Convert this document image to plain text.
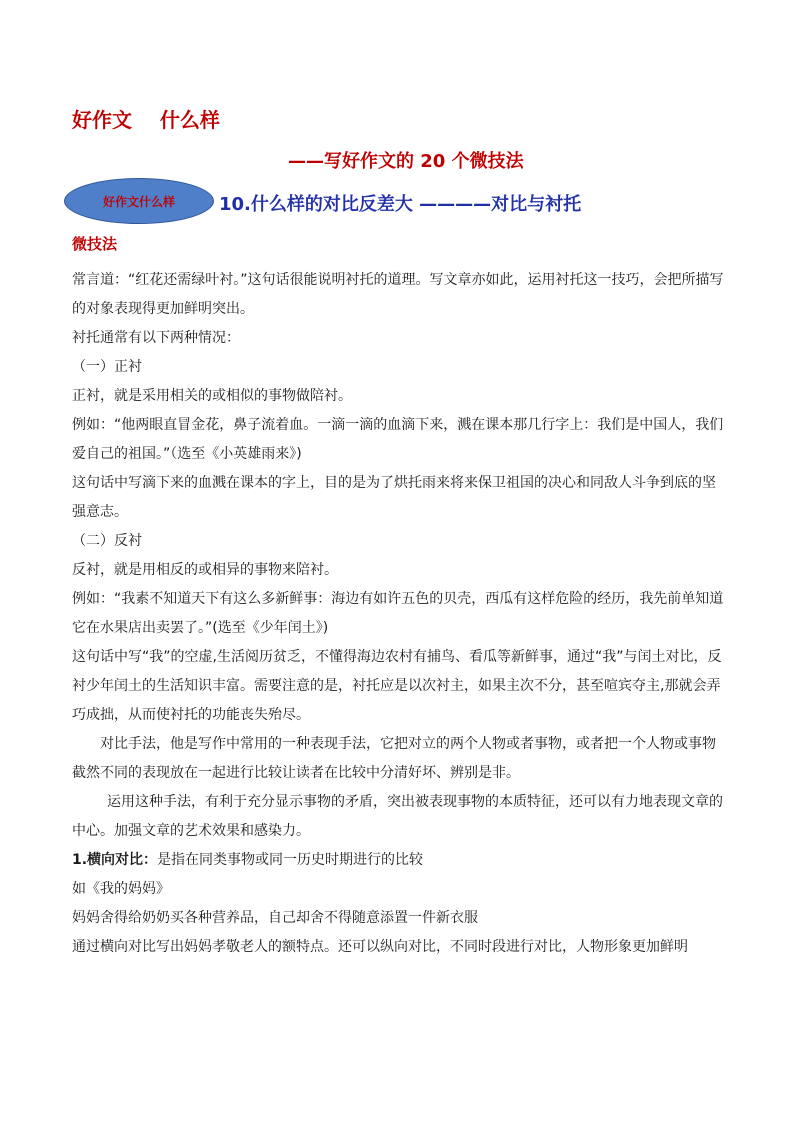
好作文    什么样
——写好作文的 20 个微技法
好作文什么样 10.什么样的对比反差大 ————对比与衬托
微技法

常言道：“红花还需绿叶衬。”这句话很能说明衬托的道理。写文章亦如此，运用衬托这一技巧，会把所描写的对象表现得更加鲜明突出。

衬托通常有以下两种情况：

（一）正衬

正衬，就是采用相关的或相似的事物做陪衬。

例如：“他两眼直冒金花，鼻子流着血。一滴一滴的血滴下来，溅在课本那几行字上：我们是中国人，我们爱自己的祖国。”（选至《小英雄雨来》)

这句话中写滴下来的血溅在课本的字上，目的是为了烘托雨来将来保卫祖国的决心和同敌人斗争到底的坚强意志。

（二）反衬

反衬，就是用相反的或相异的事物来陪衬。

例如：“我素不知道天下有这么多新鲜事：海边有如许五色的贝壳，西瓜有这样危险的经历，我先前单知道它在水果店出卖罢了。”(选至《少年闰土》)

这句话中写“我”的空虚,生活阅历贫乏，不懂得海边农村有捕鸟、看瓜等新鲜事，通过“我”与闰土对比，反衬少年闰土的生活知识丰富。需要注意的是，衬托应是以次衬主，如果主次不分，甚至喧宾夺主,那就会弄巧成拙，从而使衬托的功能丧失殆尽。

对比手法，他是写作中常用的一种表现手法，它把对立的两个人物或者事物，或者把一个人物或事物截然不同的表现放在一起进行比较让读者在比较中分清好坏、辨别是非。

运用这种手法，有利于充分显示事物的矛盾，突出被表现事物的本质特征，还可以有力地表现文章的中心。加强文章的艺术效果和感染力。

1.横向对比：是指在同类事物或同一历史时期进行的比较

如《我的妈妈》

妈妈舍得给奶奶买各种营养品，自己却舍不得随意添置一件新衣服

通过横向对比写出妈妈孝敬老人的额特点。还可以纵向对比，不同时段进行对比，人物形象更加鲜明
